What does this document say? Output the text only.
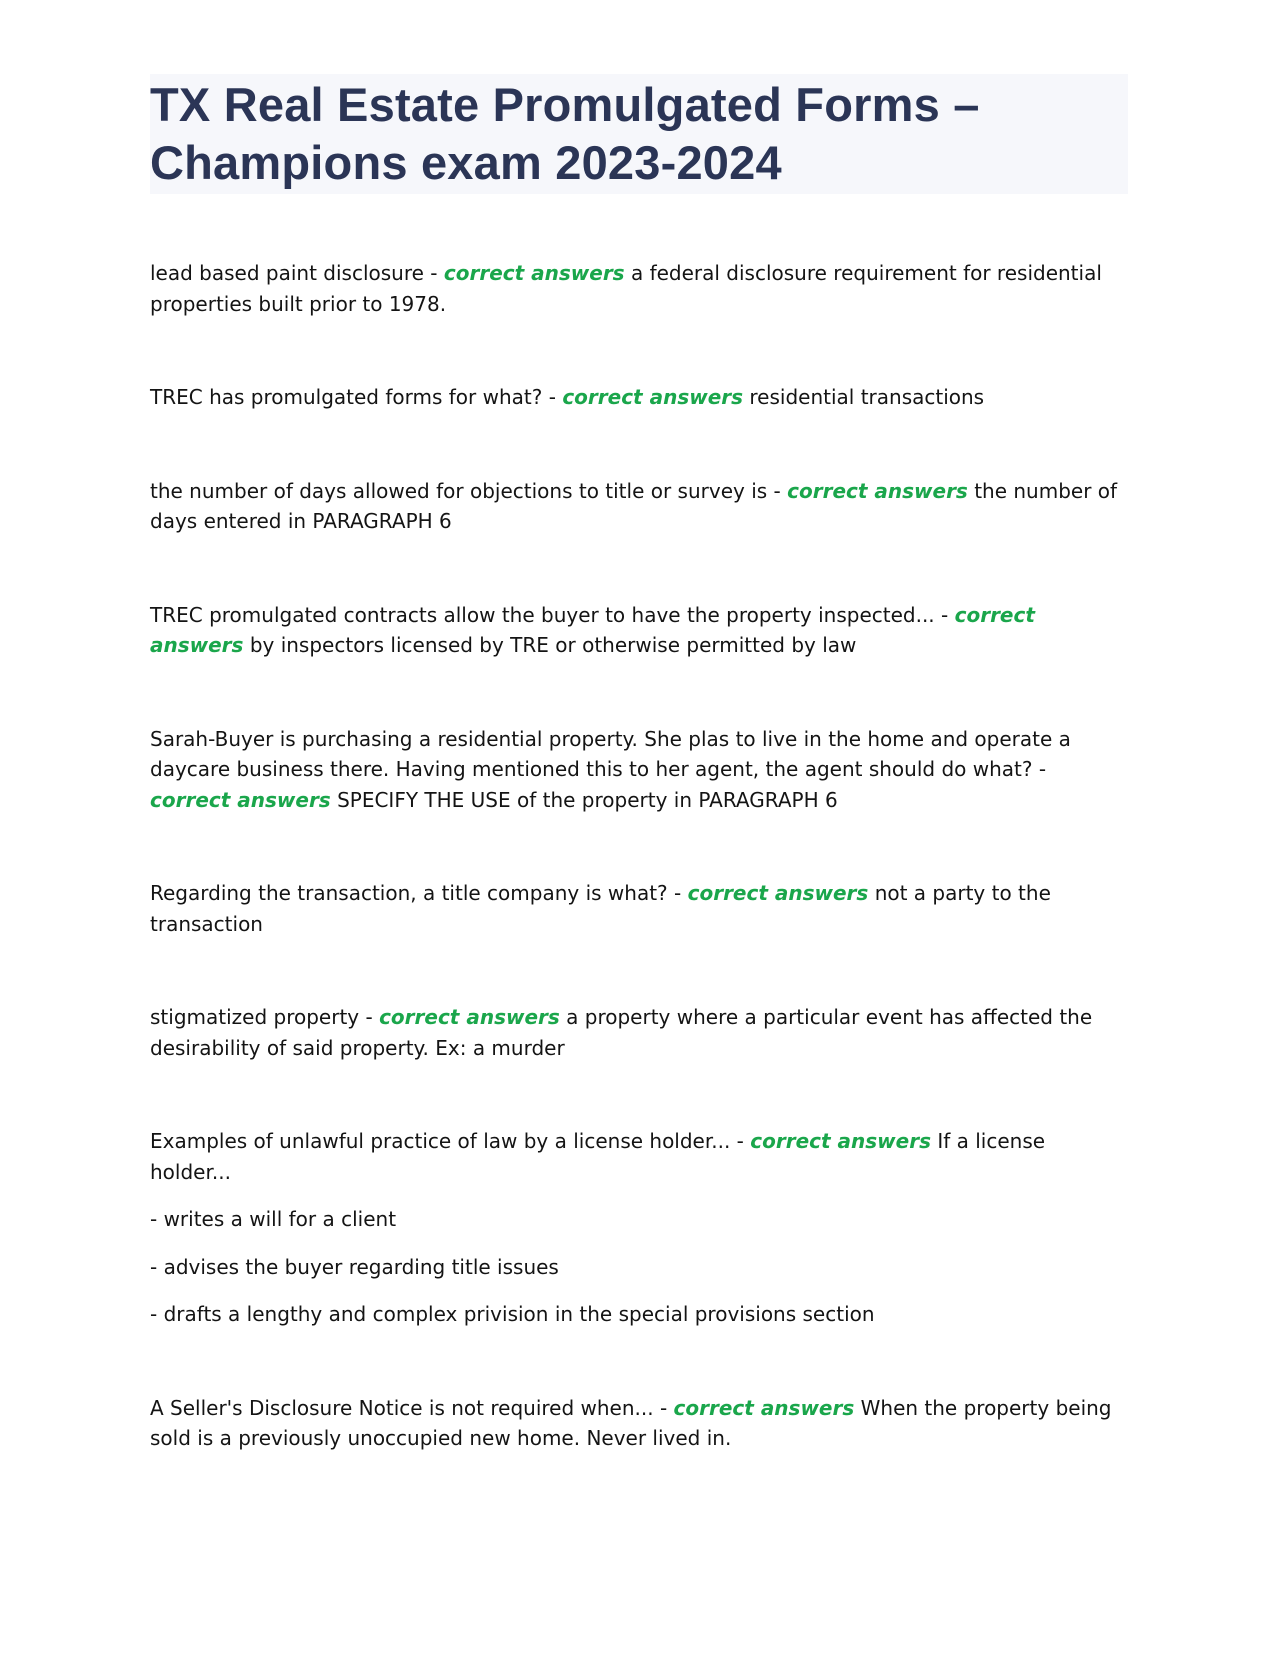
TX Real Estate Promulgated Forms – Champions exam 2023-2024

lead based paint disclosure - correct answers a federal disclosure requirement for residential properties built prior to 1978.

TREC has promulgated forms for what? - correct answers residential transactions

the number of days allowed for objections to title or survey is - correct answers the number of days entered in PARAGRAPH 6

TREC promulgated contracts allow the buyer to have the property inspected... - correct answers by inspectors licensed by TRE or otherwise permitted by law

Sarah-Buyer is purchasing a residential property. She plas to live in the home and operate a daycare business there. Having mentioned this to her agent, the agent should do what? - correct answers SPECIFY THE USE of the property in PARAGRAPH 6

Regarding the transaction, a title company is what? - correct answers not a party to the transaction

stigmatized property - correct answers a property where a particular event has affected the desirability of said property. Ex: a murder

Examples of unlawful practice of law by a license holder... - correct answers If a license holder...

- writes a will for a client

- advises the buyer regarding title issues

- drafts a lengthy and complex privision in the special provisions section

A Seller's Disclosure Notice is not required when... - correct answers When the property being sold is a previously unoccupied new home. Never lived in.
